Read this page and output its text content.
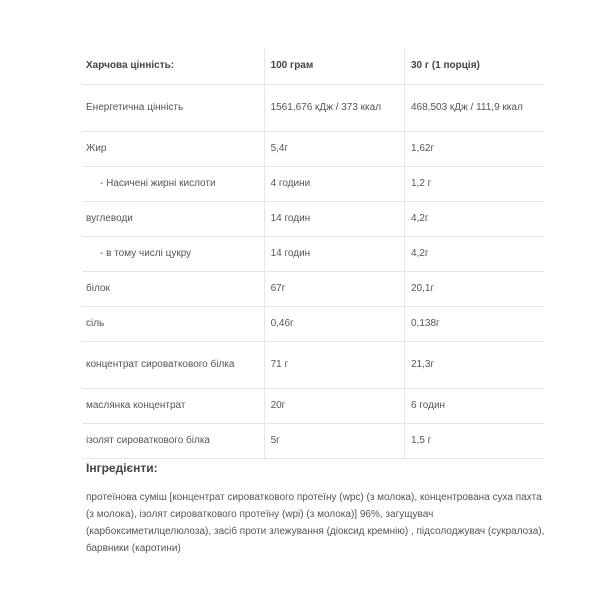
Харчова цінність:	100 грам	30 г (1 порція)
Енергетична цінність	1561,676 кДж / 373 ккал	468,503 кДж / 111,9 ккал
Жир	5,4г	1,62г
- Насичені жирні кислоти	4 години	1,2 г
вуглеводи	14 годин	4,2г
- в тому числі цукру	14 годин	4,2г
білок	67г	20,1г
сіль	0,46г	0,138г
концентрат сироваткового білка	71 г	21,3г
маслянка концентрат	20г	6 годин
ізолят сироваткового білка	5г	1,5 г
Інгредієнти:
протеїнова суміш [концентрат сироваткового протеїну (wpc) (з молока), концентрована суха пахта (з молока), ізолят сироваткового протеїну (wpi) (з молока)] 96%, загущувач (карбоксиметилцелюлоза), засіб проти злежування (діоксид кремнію) , підсолоджувач (сукралоза), барвники (каротини)
